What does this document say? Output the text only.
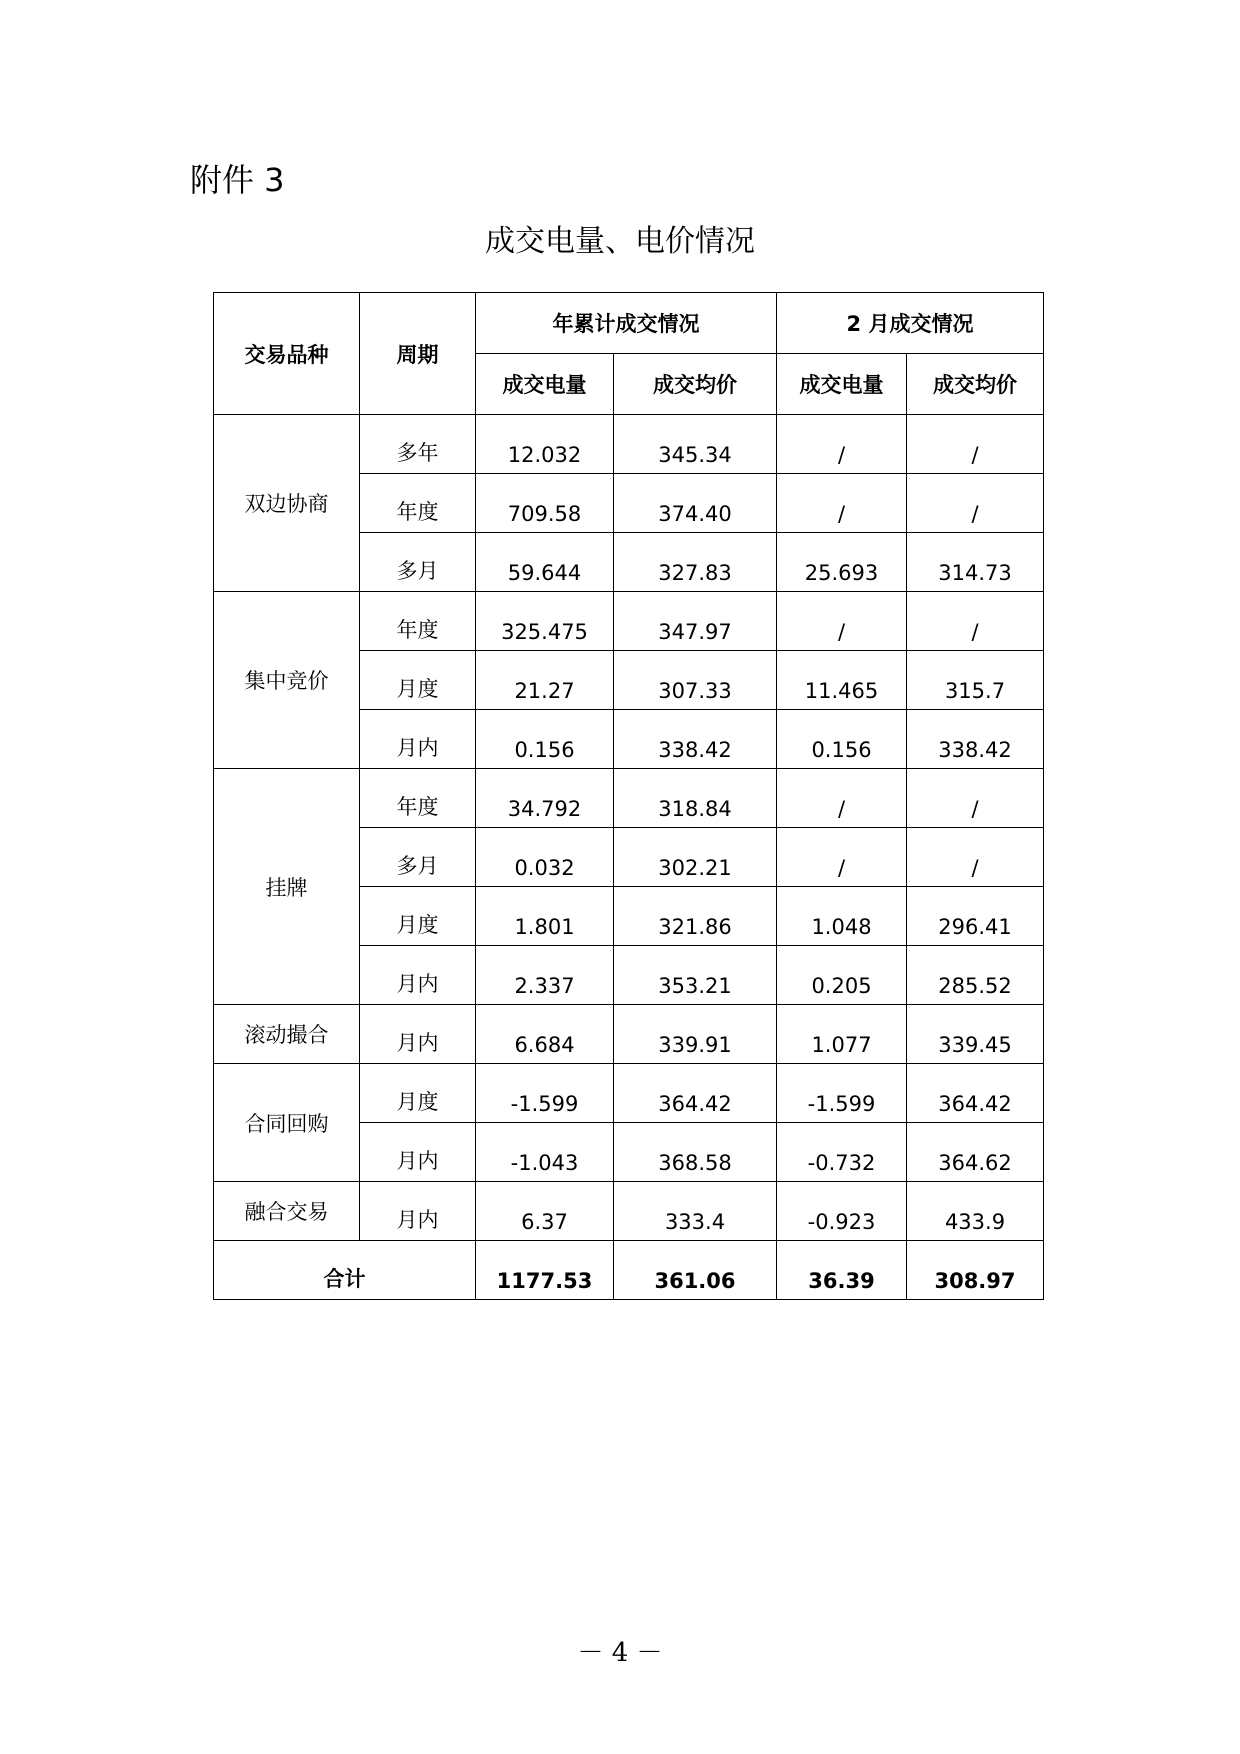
附件 3
成交电量、电价情况
交易品种	周期	年累计成交情况		2 月成交情况	
		成交电量	成交均价	成交电量	成交均价
双边协商	多年	12.032	345.34	/	/
	年度	709.58	374.40	/	/
	多月	59.644	327.83	25.693	314.73
集中竞价	年度	325.475	347.97	/	/
	月度	21.27	307.33	11.465	315.7
	月内	0.156	338.42	0.156	338.42
挂牌	年度	34.792	318.84	/	/
	多月	0.032	302.21	/	/
	月度	1.801	321.86	1.048	296.41
	月内	2.337	353.21	0.205	285.52
滚动撮合	月内	6.684	339.91	1.077	339.45
合同回购	月度	-1.599	364.42	-1.599	364.42
	月内	-1.043	368.58	-0.732	364.62
融合交易	月内	6.37	333.4	-0.923	433.9
合计		1177.53	361.06	36.39	308.97
－ 4 －
